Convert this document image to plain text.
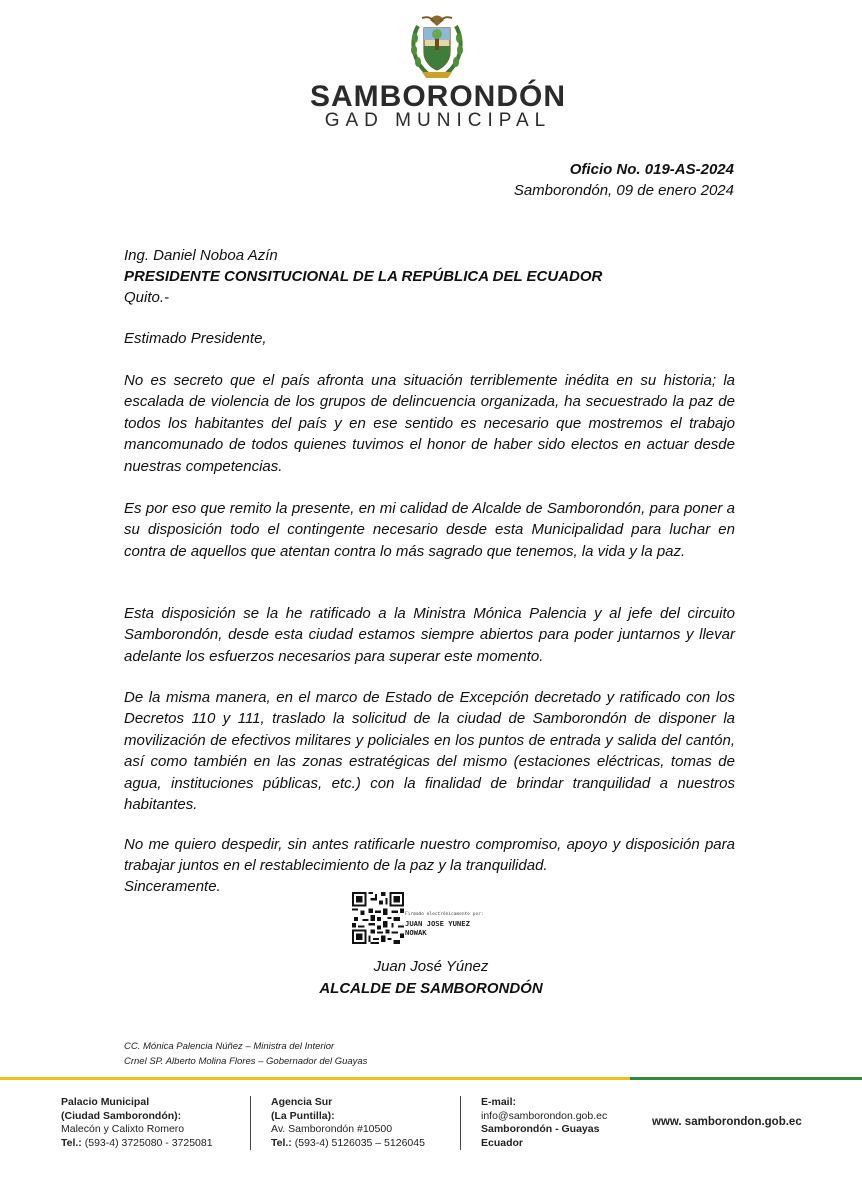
SAMBORONDÓN
GAD MUNICIPAL
Oficio No. 019-AS-2024
Samborondón, 09 de enero 2024
Ing. Daniel Noboa Azín
PRESIDENTE CONSITUCIONAL DE LA REPÚBLICA DEL ECUADOR
Quito.-
Estimado Presidente,
No es secreto que el país afronta una situación terriblemente inédita en su historia; la escalada de violencia de los grupos de delincuencia organizada, ha secuestrado la paz de todos los habitantes del país y en ese sentido es necesario que mostremos el trabajo mancomunado de todos quienes tuvimos el honor de haber sido electos en actuar desde nuestras competencias.
Es por eso que remito la presente, en mi calidad de Alcalde de Samborondón, para poner a su disposición todo el contingente necesario desde esta Municipalidad para luchar en contra de aquellos que atentan contra lo más sagrado que tenemos, la vida y la paz.
Esta disposición se la he ratificado a la Ministra Mónica Palencia y al jefe del circuito Samborondón, desde esta ciudad estamos siempre abiertos para poder juntarnos y llevar adelante los esfuerzos necesarios para superar este momento.
De la misma manera, en el marco de Estado de Excepción decretado y ratificado con los Decretos 110 y 111, traslado la solicitud de la ciudad de Samborondón de disponer la movilización de efectivos militares y policiales en los puntos de entrada y salida del cantón, así como también en las zonas estratégicas del mismo (estaciones eléctricas, tomas de agua, instituciones públicas, etc.) con la finalidad de brindar tranquilidad a nuestros habitantes.
No me quiero despedir, sin antes ratificarle nuestro compromiso, apoyo y disposición para trabajar juntos en el restablecimiento de la paz y la tranquilidad.
Sinceramente.
Firmado electrónicamente por:
JUAN JOSE YUNEZ
NOWAK
Juan José Yúnez
ALCALDE DE SAMBORONDÓN
CC. Mónica Palencia Núñez – Ministra del Interior
Crnel SP. Alberto Molina Flores – Gobernador del Guayas
Palacio Municipal
(Ciudad Samborondón):
Malecón y Calixto Romero
Tel.: (593-4) 3725080 - 3725081
Agencia Sur
(La Puntilla):
Av. Samborondón #10500
Tel.: (593-4) 5126035 – 5126045
E-mail:
info@samborondon.gob.ec
Samborondón - Guayas
Ecuador
www. samborondon.gob.ec
